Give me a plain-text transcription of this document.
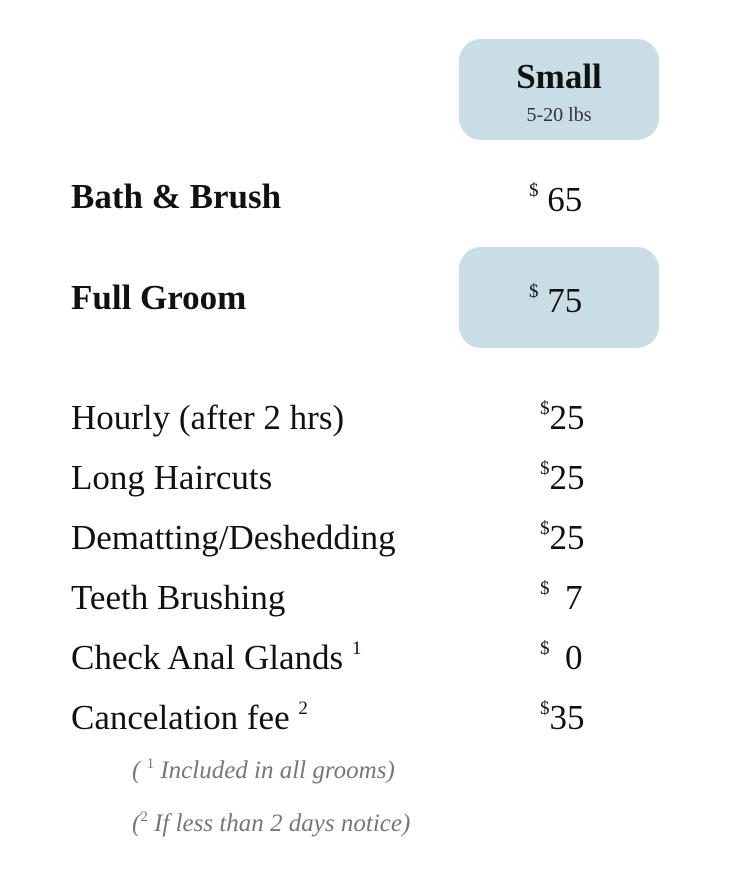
Small
5-20 lbs
Bath & Brush	$ 65
Full Groom	$ 75
Hourly (after 2 hrs)	$25
Long Haircuts	$25
Dematting/Deshedding	$25
Teeth Brushing	$ 7
Check Anal Glands $^1$	$ 0
Cancelation fee $^2$	$35
( $^1$ Included in all grooms)
($^2$ If less than 2 days notice)
